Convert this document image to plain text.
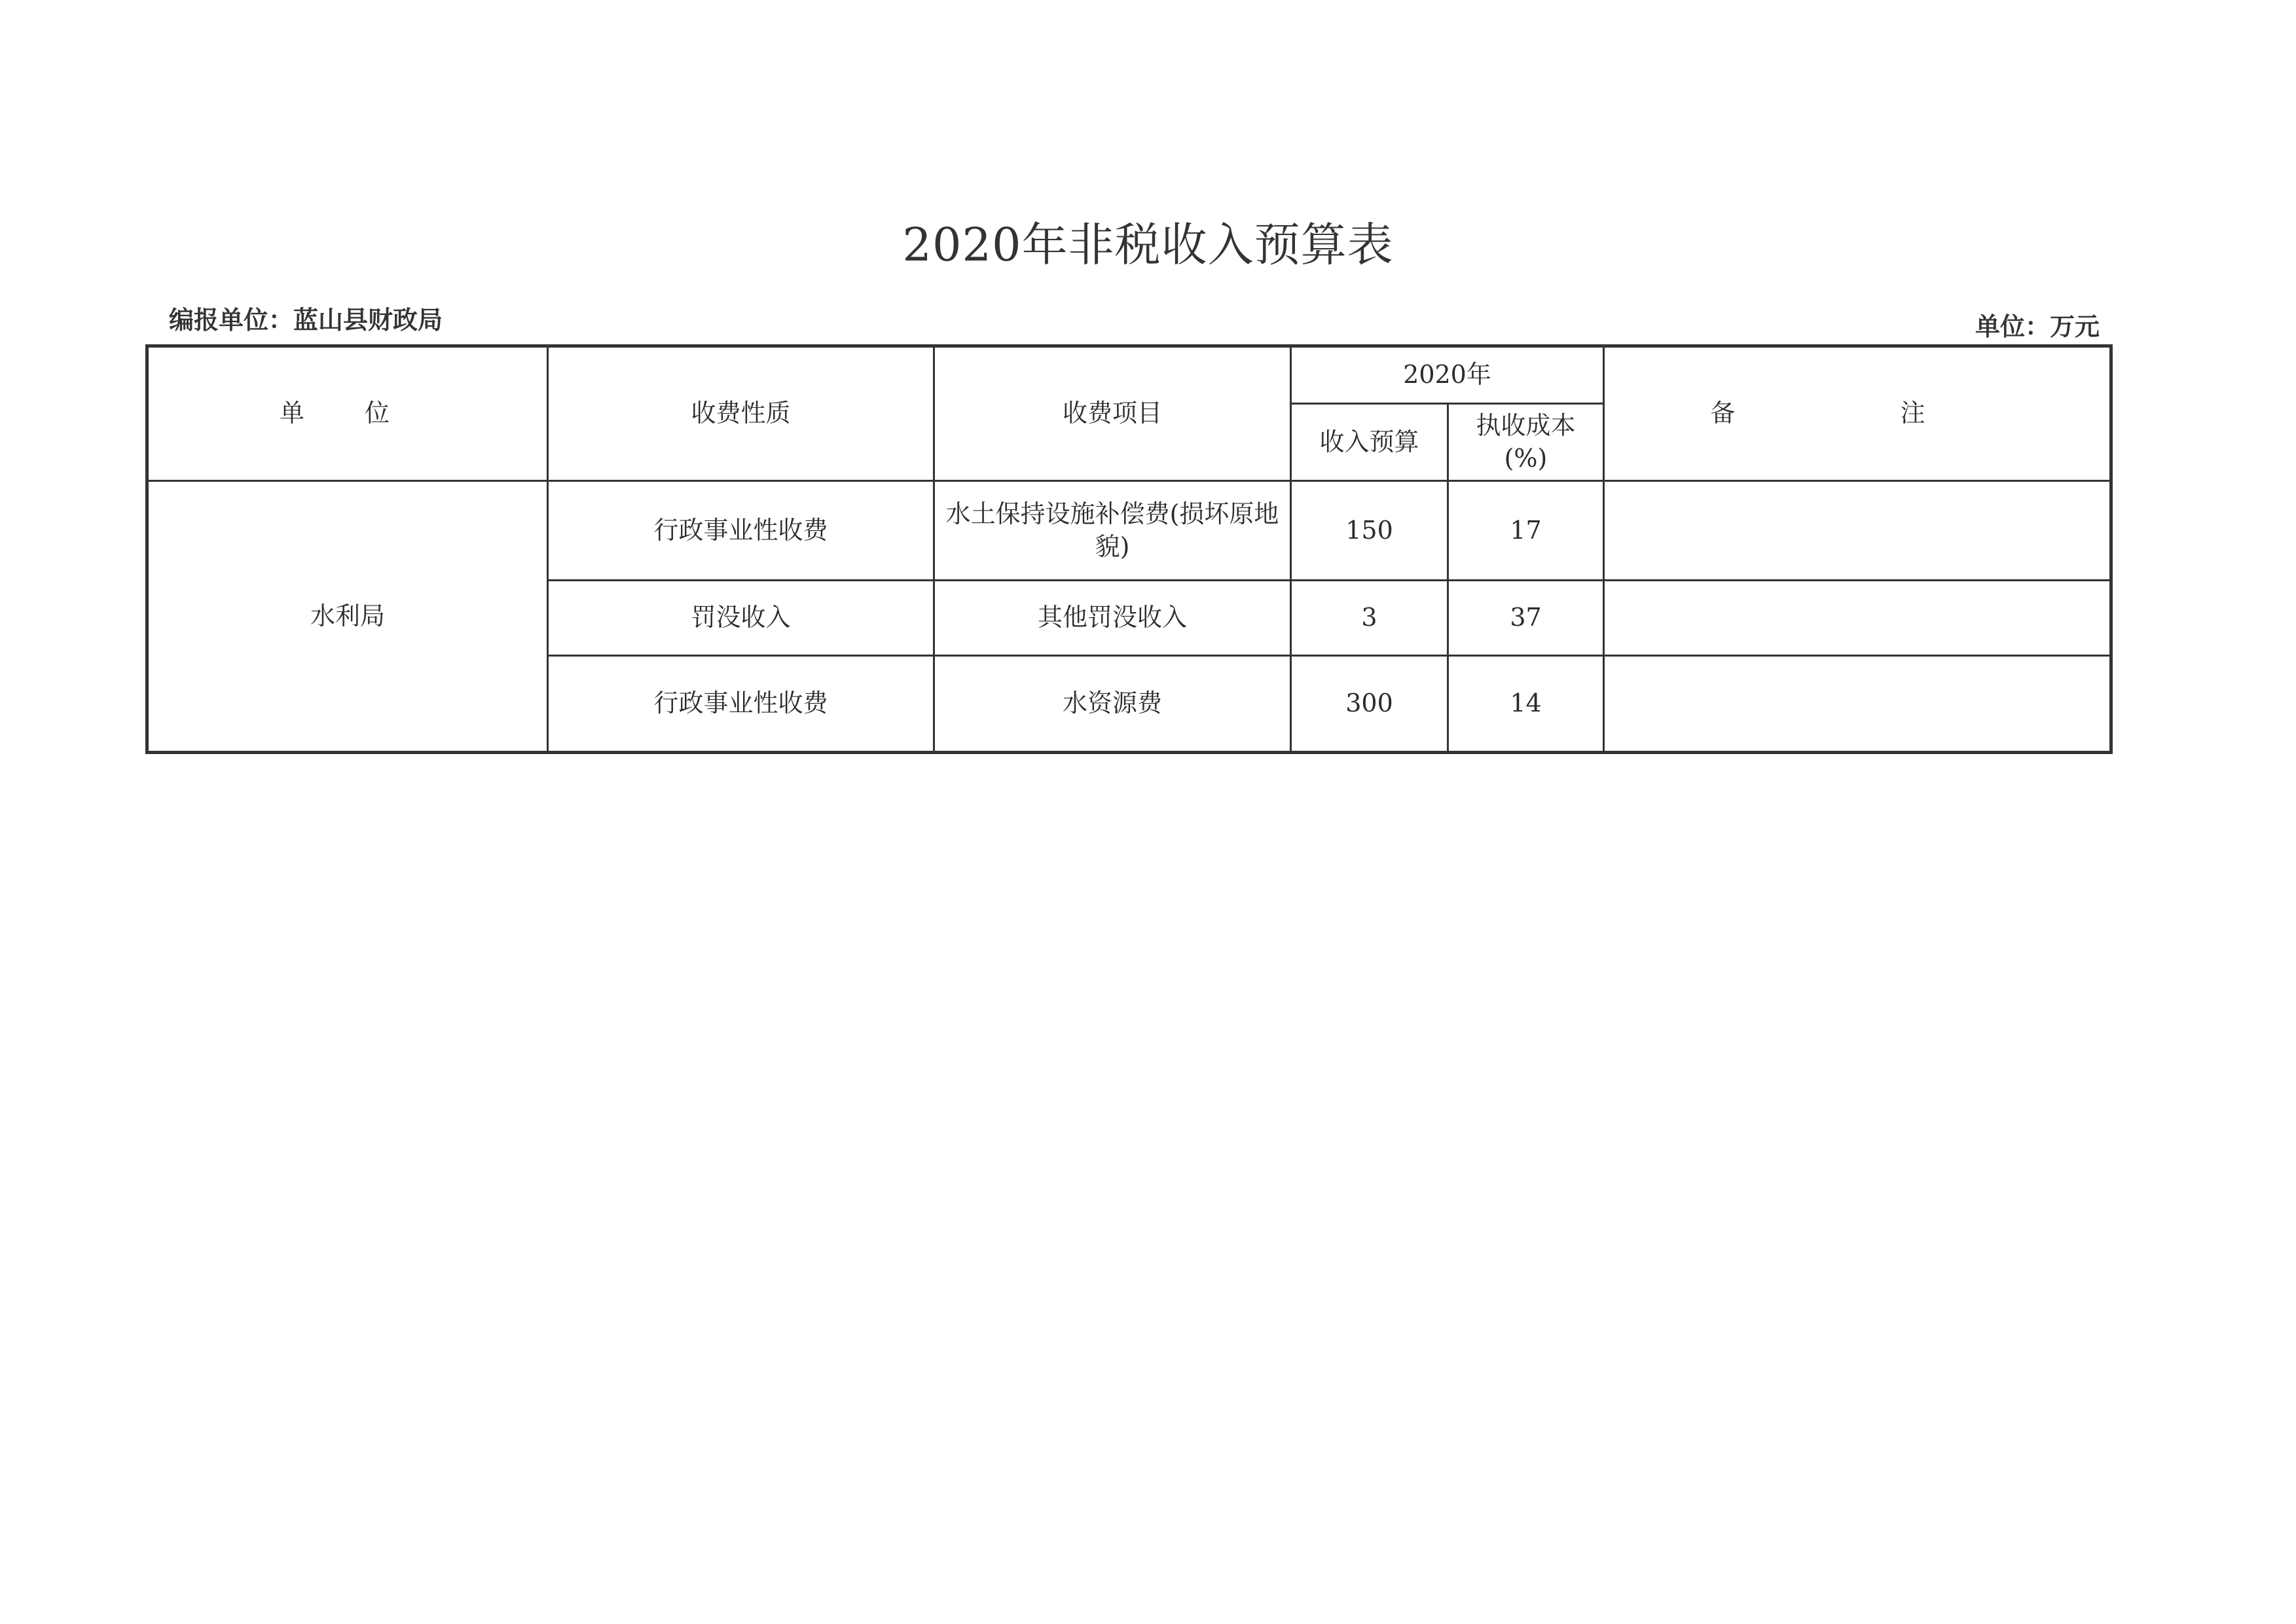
2020年非税收入预算表
编报单位：蓝山县财政局	单位：万元
单 位	收费性质	收费项目	2020年		备 注
			收入预算	执收成本
(%)	

水利局	行政事业性收费	水土保持设施补偿费(损坏原地貌)	150	17	
	罚没收入	其他罚没收入	3	37	
	行政事业性收费	水资源费	300	14	
